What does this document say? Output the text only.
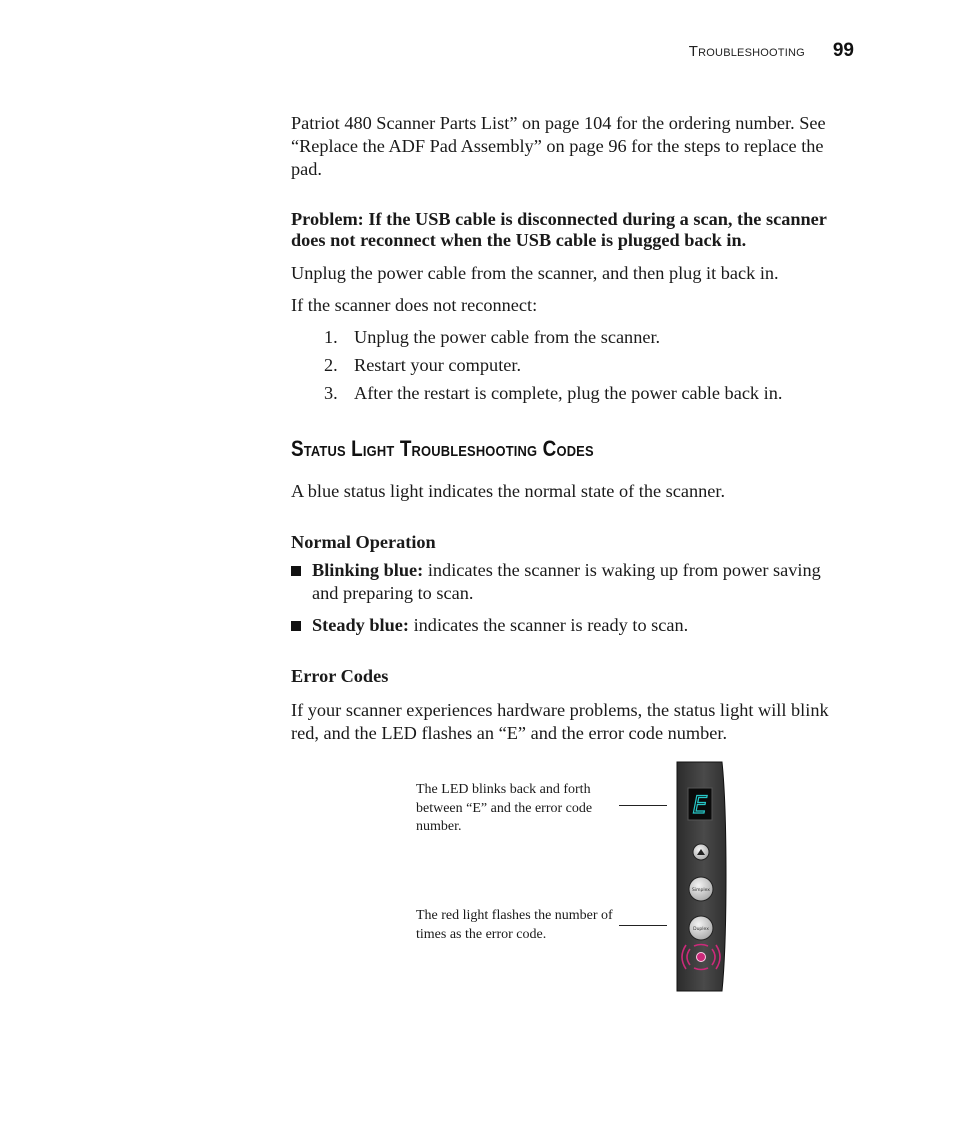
Troubleshooting 99

Patriot 480 Scanner Parts List” on page 104 for the ordering number. See “Replace the ADF Pad Assembly” on page 96 for the steps to replace the pad.

Problem: If the USB cable is disconnected during a scan, the scanner does not reconnect when the USB cable is plugged back in.

Unplug the power cable from the scanner, and then plug it back in.

If the scanner does not reconnect:

1. Unplug the power cable from the scanner.
2. Restart your computer.
3. After the restart is complete, plug the power cable back in.
Status Light Troubleshooting Codes

A blue status light indicates the normal state of the scanner.

Normal Operation
Blinking blue: indicates the scanner is waking up from power saving and preparing to scan.
Steady blue: indicates the scanner is ready to scan.
Error Codes

If your scanner experiences hardware problems, the status light will blink red, and the LED flashes an “E” and the error code number.

The LED blinks back and forth between “E” and the error code number.
The red light flashes the number of times as the error code.
E
Simplex
Duplex
